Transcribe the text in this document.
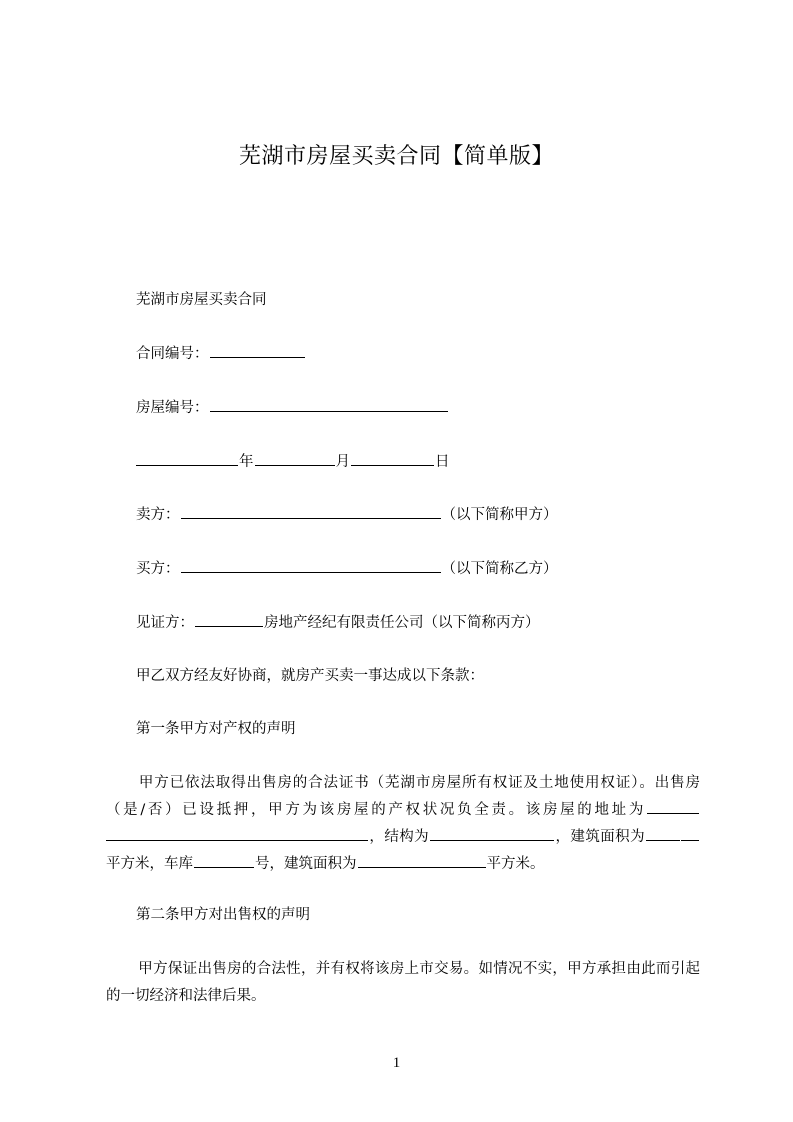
芜湖市房屋买卖合同【简单版】
芜湖市房屋买卖合同
合同编号：
房屋编号：
年	月	日
卖方：	（以下简称甲方）
买方：	（以下简称乙方）
见证方：	房地产经纪有限责任公司（以下简称丙方）
甲乙双方经友好协商，就房产买卖一事达成以下条款：
第一条甲方对产权的声明
甲方已依法取得出售房的合法证书（芜湖市房屋所有权证及土地使用权证）。出售房（是/否）已设抵押，甲方为该房屋的产权状况负全责。该房屋的地址为，结构为	，建筑面积为平方米，车库	号，建筑面积为	平方米。
第二条甲方对出售权的声明
甲方保证出售房的合法性，并有权将该房上市交易。如情况不实，甲方承担由此而引起的一切经济和法律后果。
1
